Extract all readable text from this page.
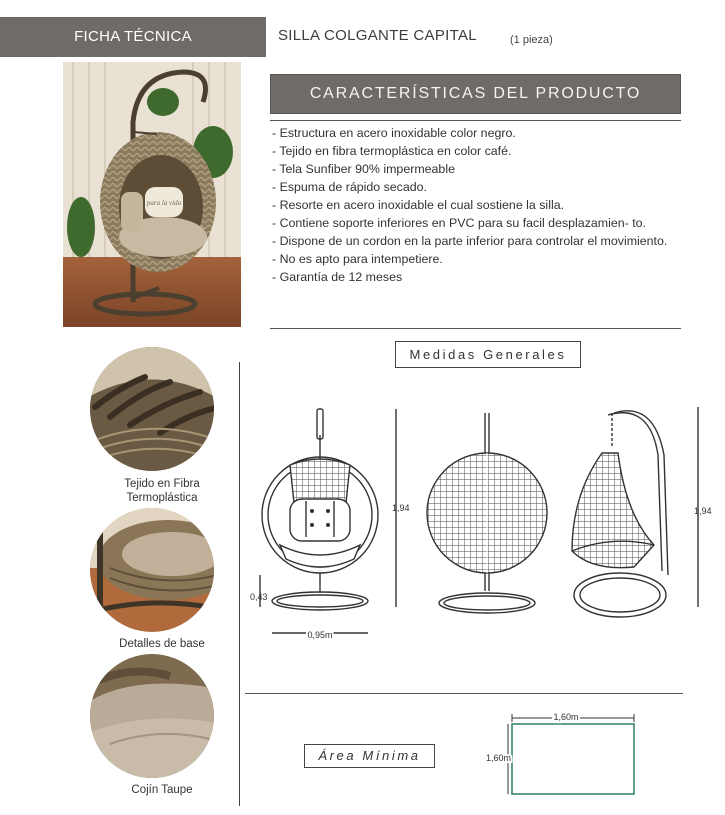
FICHA TÉCNICA	SILLA COLGANTE CAPITAL	(1 pieza)
para la vida
CARACTERÍSTICAS DEL PRODUCTO
- Estructura en acero inoxidable color negro.
- Tejido en fibra termoplástica en color café.
- Tela Sunfiber 90% impermeable
- Espuma de rápido secado.
- Resorte en acero inoxidable el cual sostiene la silla.
- Contiene soporte inferiores en PVC para su facil desplazamien- to.
- Dispone de un cordon en la parte inferior para controlar el movimiento.
- No es apto para intempetiere.
- Garantía de 12 meses
Tejido en Fibra
Termoplástica
Detalles de base
Cojín Taupe
Medidas Generales
1,94
0,43
0,95m
1,94
Área Mínima
1,60m
1,60m
